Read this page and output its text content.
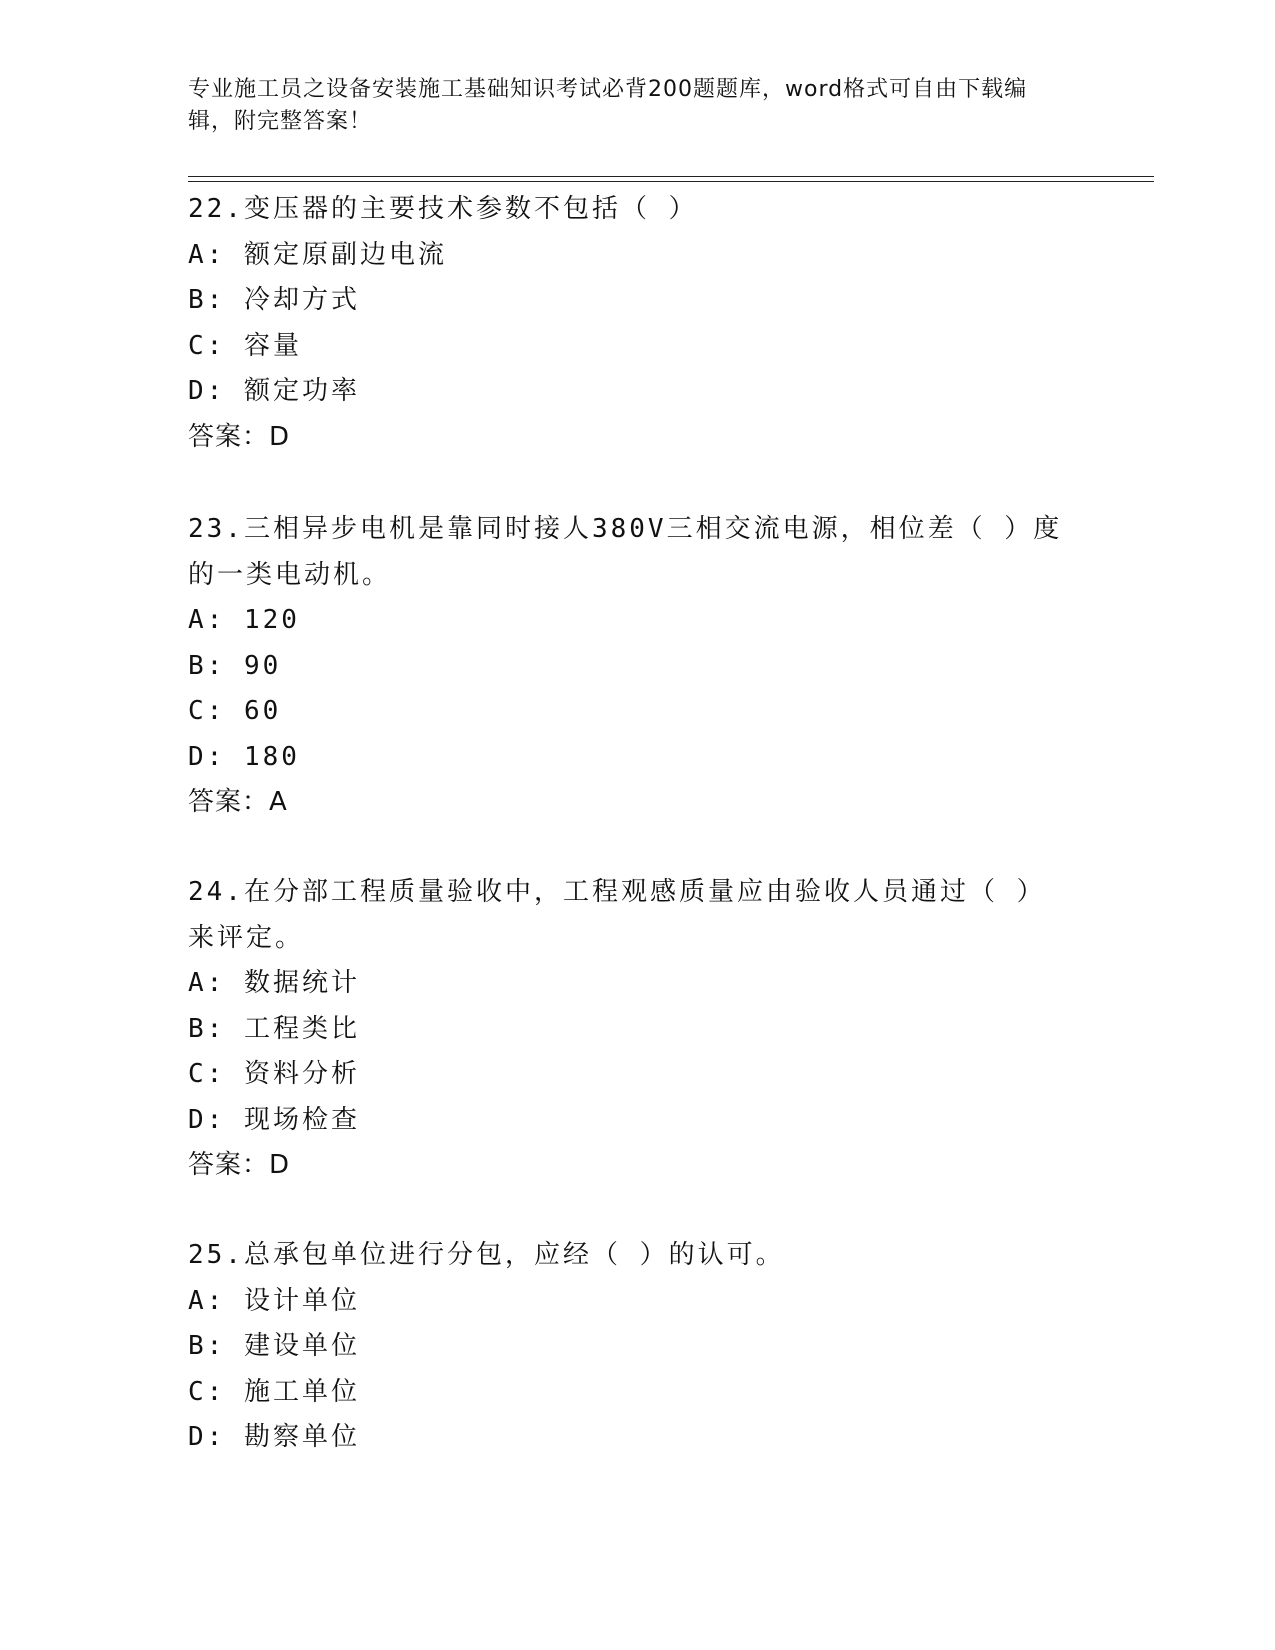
专业施工员之设备安装施工基础知识考试必背200题题库，word格式可自由下载编辑，附完整答案！
22.变压器的主要技术参数不包括（ ）
A: 额定原副边电流
B: 冷却方式
C: 容量
D: 额定功率
答案：D
23.三相异步电机是靠同时接人380V三相交流电源，相位差（ ）度的一类电动机。
A: 120
B: 90
C: 60
D: 180
答案：A
24.在分部工程质量验收中，工程观感质量应由验收人员通过（ ）来评定。
A: 数据统计
B: 工程类比
C: 资料分析
D: 现场检查
答案：D
25.总承包单位进行分包，应经（ ）的认可。
A: 设计单位
B: 建设单位
C: 施工单位
D: 勘察单位
